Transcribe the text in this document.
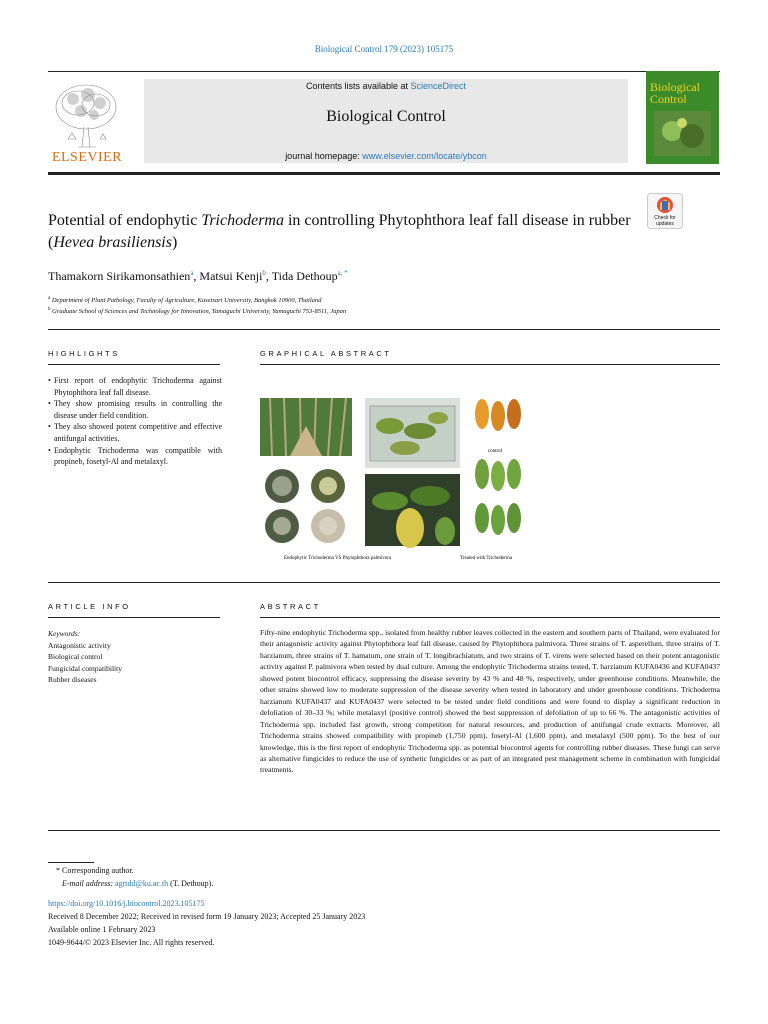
Biological Control 179 (2023) 105175
ELSEVIER
Contents lists available at ScienceDirect
Biological Control
journal homepage: www.elsevier.com/locate/ybcon
Biological Control
Check for updates
Potential of endophytic Trichoderma in controlling Phytophthora leaf fall disease in rubber (Hevea brasiliensis)
Thamakorn Sirikamonsathien$^a$, Matsui Kenji$^b$, Tida Dethoup$^{a, *}$
$^a$ Department of Plant Pathology, Faculty of Agriculture, Kasetsart University, Bangkok 10900, Thailand
$^b$ Graduate School of Sciences and Technology for Innovation, Yamaguchi University, Yamaguchi 753-8511, Japan
HIGHLIGHTS	GRAPHICAL ABSTRACT
• First report of endophytic Trichoderma against Phytophthora leaf fall disease.
• They show promising results in controlling the disease under field condition.
• They also showed potent competitive and effective antifungal activities.
• Endophytic Trichoderma was compatible with propineb, fosetyl-Al and metalaxyl.
control
Endophytic Trichoderma VS Phytophthora palmivora	Treated with Trichoderma
ARTICLE INFO	ABSTRACT
Keywords:
Antagonistic activity
Biological control
Fungicidal compatibility
Rubber diseases
Fifty-nine endophytic Trichoderma spp., isolated from healthy rubber leaves collected in the eastern and southern parts of Thailand, were evaluated for their antagonistic activity against Phytophthora leaf fall disease, caused by Phytophthora palmivora. Three strains of T. asperellum, three strains of T. harzianum, three strains of T. hamatum, one strain of T. longibrachiatum, and two strains of T. virens were selected based on their potent antagonistic activity against P. palmivora when tested by dual culture. Among the endophytic Trichoderma strains tested, T. harzianum KUFA0436 and KUFA0437 showed potent biocontrol efficacy, suppressing the disease severity by 43 % and 48 %, respectively, under greenhouse conditions. Meanwhile, the other strains showed low to moderate suppression of the disease severity when tested in laboratory and under greenhouse conditions. Trichoderma harzianum KUFA0437 and KUFA0437 were selected to be tested under field conditions and were found to display a significant reduction in defoliation of 30–33 %; while metalaxyl (positive control) showed the best suppression of defoliation of up to 66 %. The antagonistic activities of Trichoderma spp. included fast growth, strong competition for natural resources, and production of antifungal crude extracts. Moreover, all Trichoderma strains showed compatibility with propineb (1,750 ppm), fosetyl-Al (1,600 ppm), and metalaxyl (500 ppm). To the best of our knowledge, this is the first report of endophytic Trichoderma spp. as potential biocontrol agents for controlling rubber diseases. These fungi can serve as alternative fungicides to reduce the use of synthetic fungicides or as part of an integrated pest management scheme in combination with fungicidal treatments.
* Corresponding author.
E-mail address: agrtdd@ku.ac.th (T. Dethoup).
https://doi.org/10.1016/j.biocontrol.2023.105175
Received 8 December 2022; Received in revised form 19 January 2023; Accepted 25 January 2023
Available online 1 February 2023
1049-9644/© 2023 Elsevier Inc. All rights reserved.
